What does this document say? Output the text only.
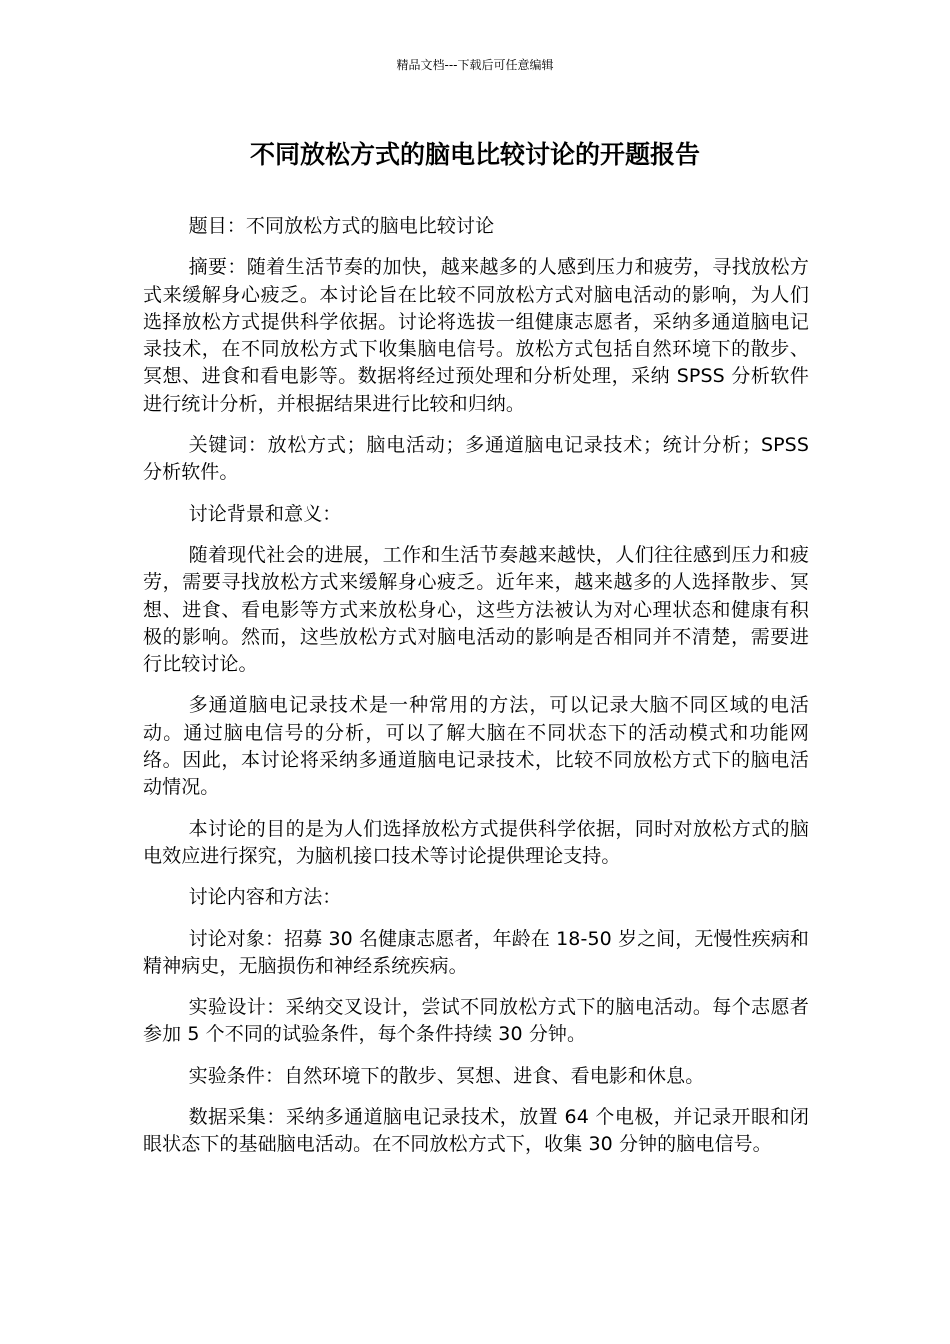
精品文档---下载后可任意编辑
不同放松方式的脑电比较讨论的开题报告

题目：不同放松方式的脑电比较讨论

摘要：随着生活节奏的加快，越来越多的人感到压力和疲劳，寻找放松方式来缓解身心疲乏。本讨论旨在比较不同放松方式对脑电活动的影响，为人们选择放松方式提供科学依据。讨论将选拔一组健康志愿者，采纳多通道脑电记录技术，在不同放松方式下收集脑电信号。放松方式包括自然环境下的散步、冥想、进食和看电影等。数据将经过预处理和分析处理，采纳 SPSS 分析软件进行统计分析，并根据结果进行比较和归纳。

关键词：放松方式；脑电活动；多通道脑电记录技术；统计分析；SPSS 分析软件。

讨论背景和意义：

随着现代社会的进展，工作和生活节奏越来越快，人们往往感到压力和疲劳，需要寻找放松方式来缓解身心疲乏。近年来，越来越多的人选择散步、冥想、进食、看电影等方式来放松身心，这些方法被认为对心理状态和健康有积极的影响。然而，这些放松方式对脑电活动的影响是否相同并不清楚，需要进行比较讨论。

多通道脑电记录技术是一种常用的方法，可以记录大脑不同区域的电活动。通过脑电信号的分析，可以了解大脑在不同状态下的活动模式和功能网络。因此，本讨论将采纳多通道脑电记录技术，比较不同放松方式下的脑电活动情况。

本讨论的目的是为人们选择放松方式提供科学依据，同时对放松方式的脑电效应进行探究，为脑机接口技术等讨论提供理论支持。

讨论内容和方法：

讨论对象：招募 30 名健康志愿者，年龄在 18-50 岁之间，无慢性疾病和精神病史，无脑损伤和神经系统疾病。

实验设计：采纳交叉设计，尝试不同放松方式下的脑电活动。每个志愿者参加 5 个不同的试验条件，每个条件持续 30 分钟。

实验条件：自然环境下的散步、冥想、进食、看电影和休息。

数据采集：采纳多通道脑电记录技术，放置 64 个电极，并记录开眼和闭眼状态下的基础脑电活动。在不同放松方式下，收集 30 分钟的脑电信号。
